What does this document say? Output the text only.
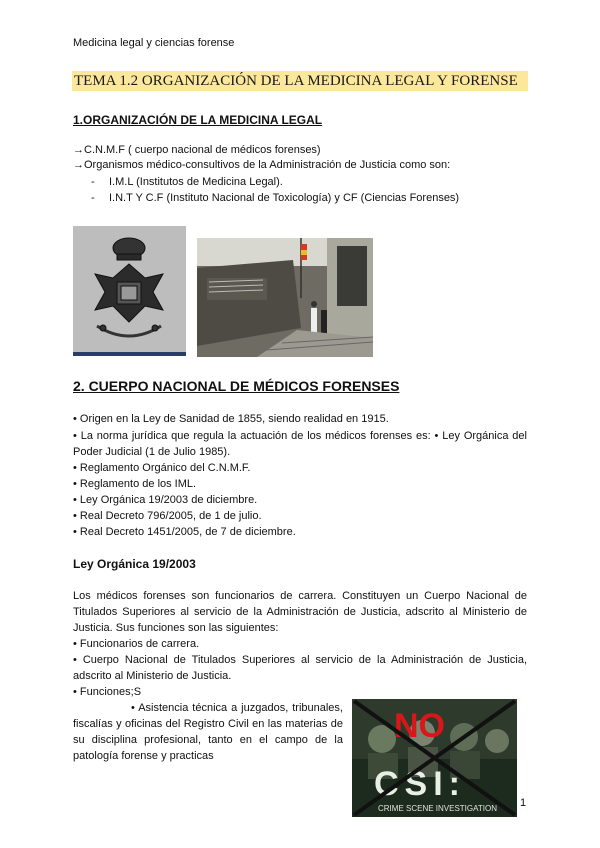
Medicina legal y ciencias forense
TEMA 1.2 ORGANIZACIÓN DE LA MEDICINA LEGAL Y FORENSE
1.ORGANIZACIÓN DE LA MEDICINA LEGAL
→C.N.M.F ( cuerpo nacional de médicos forenses)
→Organismos médico-consultivos de la Administración de Justicia como son:
- I.M.L (Institutos de Medicina Legal).
- I.N.T Y C.F (Instituto Nacional de Toxicología) y CF (Ciencias Forenses)
2. CUERPO NACIONAL DE MÉDICOS FORENSES
• Origen en la Ley de Sanidad de 1855, siendo realidad en 1915.
• La norma jurídica que regula la actuación de los médicos forenses es: • Ley Orgánica del Poder Judicial (1 de Julio 1985).
• Reglamento Orgánico del C.N.M.F.
• Reglamento de los IML.
• Ley Orgánica 19/2003 de diciembre.
• Real Decreto 796/2005, de 1 de julio.
• Real Decreto 1451/2005, de 7 de diciembre.
Ley Orgánica 19/2003
Los médicos forenses son funcionarios de carrera. Constituyen un Cuerpo Nacional de Titulados Superiores al servicio de la Administración de Justicia, adscrito al Ministerio de Justicia. Sus funciones son las siguientes:
• Funcionarios de carrera.
• Cuerpo Nacional de Titulados Superiores al servicio de la Administración de Justicia, adscrito al Ministerio de Justicia.
• Funciones;S
• Asistencia técnica a juzgados, tribunales, fiscalías y oficinas del Registro Civil en las materias de su disciplina profesional, tanto en el campo de la patología forense y practicas
NO
CSI:
CRIME SCENE INVESTIGATION 1
